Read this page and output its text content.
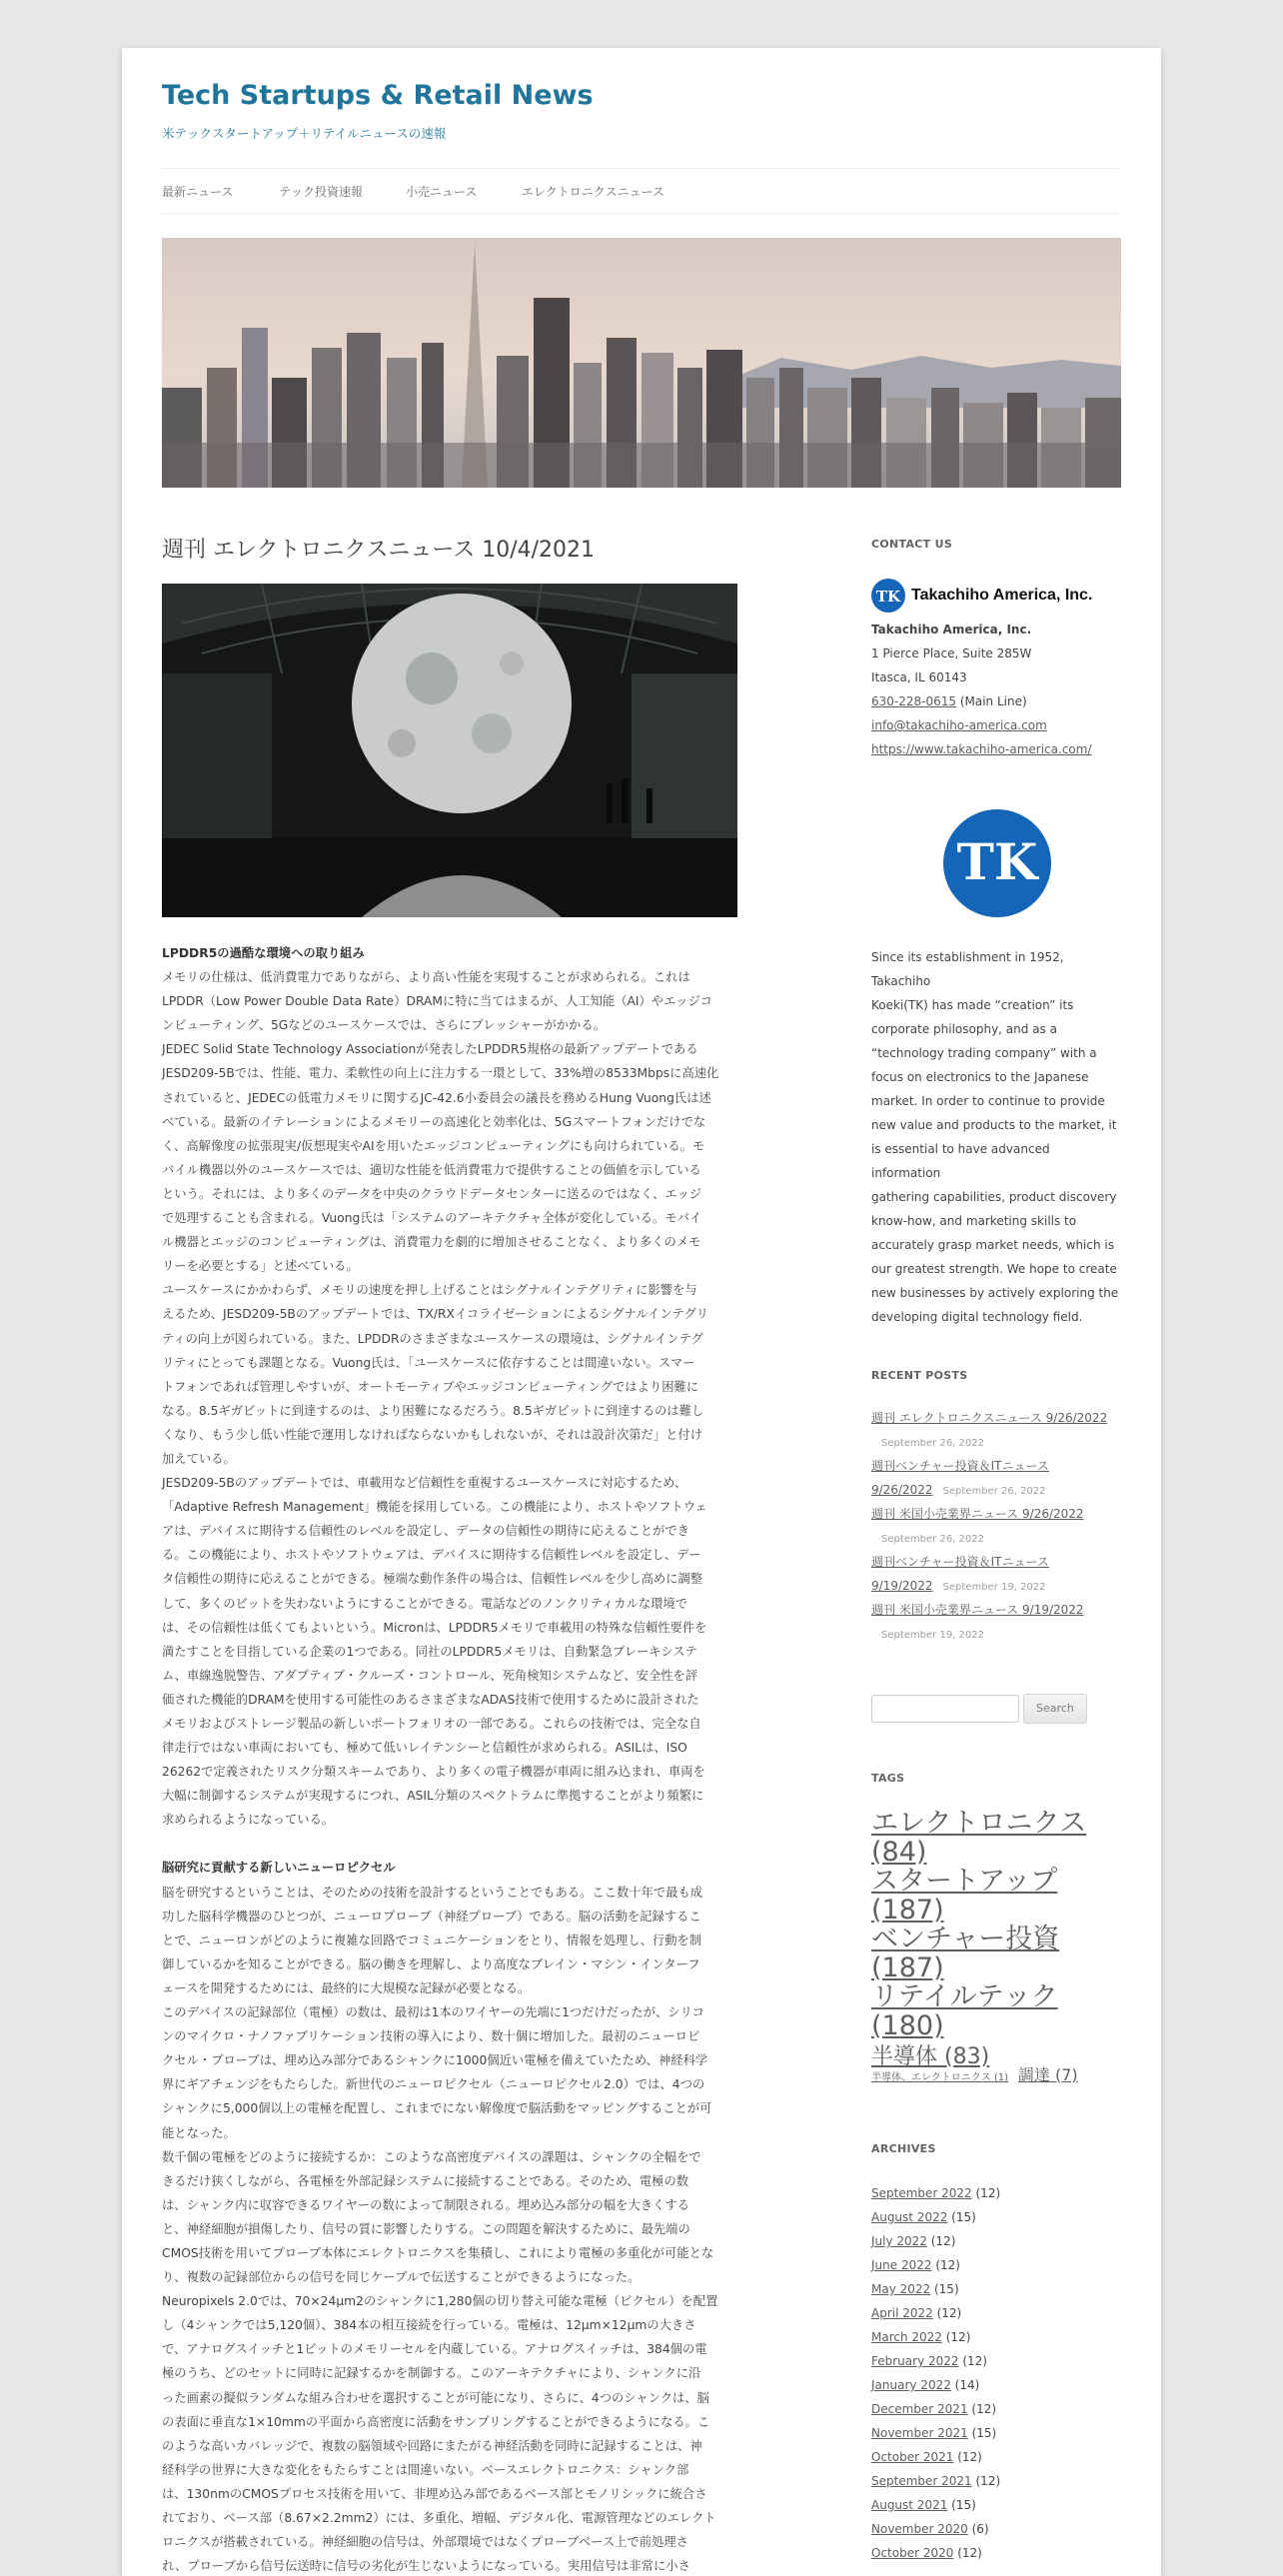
Tech Startups & Retail News
米テックスタートアップ＋リテイルニュースの速報
最新ニュース	テック投資速報	小売ニュース	エレクトロニクスニュース
週刊 エレクトロニクスニュース 10/4/2021

LPDDR5の過酷な環境への取り組み

メモリの仕様は、低消費電力でありながら、より高い性能を実現することが求められる。これは
LPDDR（Low Power Double Data Rate）DRAMに特に当てはまるが、人工知能（AI）やエッジコ
ンピューティング、5Gなどのユースケースでは、さらにプレッシャーがかかる。
JEDEC Solid State Technology Associationが発表したLPDDR5規格の最新アップデートである
JESD209-5Bでは、性能、電力、柔軟性の向上に注力する一環として、33%増の8533Mbpsに高速化
されていると、JEDECの低電力メモリに関するJC-42.6小委員会の議長を務めるHung Vuong氏は述
べている。最新のイテレーションによるメモリーの高速化と効率化は、5Gスマートフォンだけでな
く、高解像度の拡張現実/仮想現実やAIを用いたエッジコンピューティングにも向けられている。モ
バイル機器以外のユースケースでは、適切な性能を低消費電力で提供することの価値を示している
という。それには、より多くのデータを中央のクラウドデータセンターに送るのではなく、エッジ
で処理することも含まれる。Vuong氏は「システムのアーキテクチャ全体が変化している。モバイ
ル機器とエッジのコンピューティングは、消費電力を劇的に増加させることなく、より多くのメモ
リーを必要とする」と述べている。
ユースケースにかかわらず、メモリの速度を押し上げることはシグナルインテグリティに影響を与
えるため、JESD209-5Bのアップデートでは、TX/RXイコライゼーションによるシグナルインテグリ
ティの向上が図られている。また、LPDDRのさまざまなユースケースの環境は、シグナルインテグ
リティにとっても課題となる。Vuong氏は、「ユースケースに依存することは間違いない。スマー
トフォンであれば管理しやすいが、オートモーティブやエッジコンピューティングではより困難に
なる。8.5ギガビットに到達するのは、より困難になるだろう。8.5ギガビットに到達するのは難し
くなり、もう少し低い性能で運用しなければならないかもしれないが、それは設計次第だ」と付け
加えている。
JESD209-5Bのアップデートでは、車載用など信頼性を重視するユースケースに対応するため、
「Adaptive Refresh Management」機能を採用している。この機能により、ホストやソフトウェ
アは、デバイスに期待する信頼性のレベルを設定し、データの信頼性の期待に応えることができ
る。この機能により、ホストやソフトウェアは、デバイスに期待する信頼性レベルを設定し、デー
タ信頼性の期待に応えることができる。極端な動作条件の場合は、信頼性レベルを少し高めに調整
して、多くのビットを失わないようにすることができる。電話などのノンクリティカルな環境で
は、その信頼性は低くてもよいという。Micronは、LPDDR5メモリで車載用の特殊な信頼性要件を
満たすことを目指している企業の1つである。同社のLPDDR5メモリは、自動緊急ブレーキシステ
ム、車線逸脱警告、アダプティブ・クルーズ・コントロール、死角検知システムなど、安全性を評
価された機能的DRAMを使用する可能性のあるさまざまなADAS技術で使用するために設計された
メモリおよびストレージ製品の新しいポートフォリオの一部である。これらの技術では、完全な自
律走行ではない車両においても、極めて低いレイテンシーと信頼性が求められる。ASILは、ISO
26262で定義されたリスク分類スキームであり、より多くの電子機器が車両に組み込まれ、車両を
大幅に制御するシステムが実現するにつれ、ASIL分類のスペクトラムに準拠することがより頻繁に
求められるようになっている。

脳研究に貢献する新しいニューロピクセル

脳を研究するということは、そのための技術を設計するということでもある。ここ数十年で最も成
功した脳科学機器のひとつが、ニューロプローブ（神経プローブ）である。脳の活動を記録するこ
とで、ニューロンがどのように複雑な回路でコミュニケーションをとり、情報を処理し、行動を制
御しているかを知ることができる。脳の働きを理解し、より高度なブレイン・マシン・インターフ
ェースを開発するためには、最終的に大規模な記録が必要となる。
このデバイスの記録部位（電極）の数は、最初は1本のワイヤーの先端に1つだけだったが、シリコ
ンのマイクロ・ナノファブリケーション技術の導入により、数十個に増加した。最初のニューロピ
クセル・プローブは、埋め込み部分であるシャンクに1000個近い電極を備えていたため、神経科学
界にギアチェンジをもたらした。新世代のニューロピクセル（ニューロピクセル2.0）では、4つの
シャンクに5,000個以上の電極を配置し、これまでにない解像度で脳活動をマッピングすることが可
能となった。
数千個の電極をどのように接続するか：このような高密度デバイスの課題は、シャンクの全幅をで
きるだけ狭くしながら、各電極を外部記録システムに接続することである。そのため、電極の数
は、シャンク内に収容できるワイヤーの数によって制限される。埋め込み部分の幅を大きくする
と、神経細胞が損傷したり、信号の質に影響したりする。この問題を解決するために、最先端の
CMOS技術を用いてプローブ本体にエレクトロニクスを集積し、これにより電極の多重化が可能とな
り、複数の記録部位からの信号を同じケーブルで伝送することができるようになった。
Neuropixels 2.0では、70×24μm2のシャンクに1,280個の切り替え可能な電極（ピクセル）を配置
し（4シャンクでは5,120個）、384本の相互接続を行っている。電極は、12μm×12μmの大きさ
で、アナログスイッチと1ビットのメモリーセルを内蔵している。アナログスイッチは、384個の電
極のうち、どのセットに同時に記録するかを制御する。このアーキテクチャにより、シャンクに沿
った画素の擬似ランダムな組み合わせを選択することが可能になり、さらに、4つのシャンクは、脳
の表面に垂直な1×10mmの平面から高密度に活動をサンプリングすることができるようになる。こ
のような高いカバレッジで、複数の脳領域や回路にまたがる神経活動を同時に記録することは、神
経科学の世界に大きな変化をもたらすことは間違いない。ベースエレクトロニクス：シャンク部
は、130nmのCMOSプロセス技術を用いて、非埋め込み部であるベース部とモノリシックに統合さ
れており、ベース部（8.67×2.2mm2）には、多重化、増幅、デジタル化、電源管理などのエレクト
ロニクスが搭載されている。神経細胞の信号は、外部環境ではなくプローブベース上で前処理さ
れ、プローブから信号伝送時に信号の劣化が生じないようになっている。実用信号は非常に小さ
CONTACT US
TK Takachiho America, Inc.
Takachiho America, Inc.
1 Pierce Place, Suite 285W
Itasca, IL 60143
630-228-0615 (Main Line)
info@takachiho-america.com
https://www.takachiho-america.com/
TK
Since its establishment in 1952, Takachiho
Koeki(TK) has made “creation” its
corporate philosophy, and as a
“technology trading company” with a
focus on electronics to the Japanese
market. In order to continue to provide
new value and products to the market, it
is essential to have advanced information
gathering capabilities, product discovery
know-how, and marketing skills to
accurately grasp market needs, which is
our greatest strength. We hope to create
new businesses by actively exploring the
developing digital technology field.
RECENT POSTS
週刊 エレクトロニクスニュース 9/26/2022
September 26, 2022
週刊ベンチャー投資＆ITニュース
9/26/2022 September 26, 2022
週刊 米国小売業界ニュース 9/26/2022
September 26, 2022
週刊ベンチャー投資＆ITニュース
9/19/2022 September 19, 2022
週刊 米国小売業界ニュース 9/19/2022
September 19, 2022
Search
TAGS
エレクトロニクス
(84)
スタートアップ
(187)
ベンチャー投資
(187)
リテイルテック
(180)
半導体 (83)
半導体、エレクトロニクス (1) 調達 (7)
ARCHIVES
September 2022 (12)
August 2022 (15)
July 2022 (12)
June 2022 (12)
May 2022 (15)
April 2022 (12)
March 2022 (12)
February 2022 (12)
January 2022 (14)
December 2021 (12)
November 2021 (15)
October 2021 (12)
September 2021 (12)
August 2021 (15)
November 2020 (6)
October 2020 (12)
